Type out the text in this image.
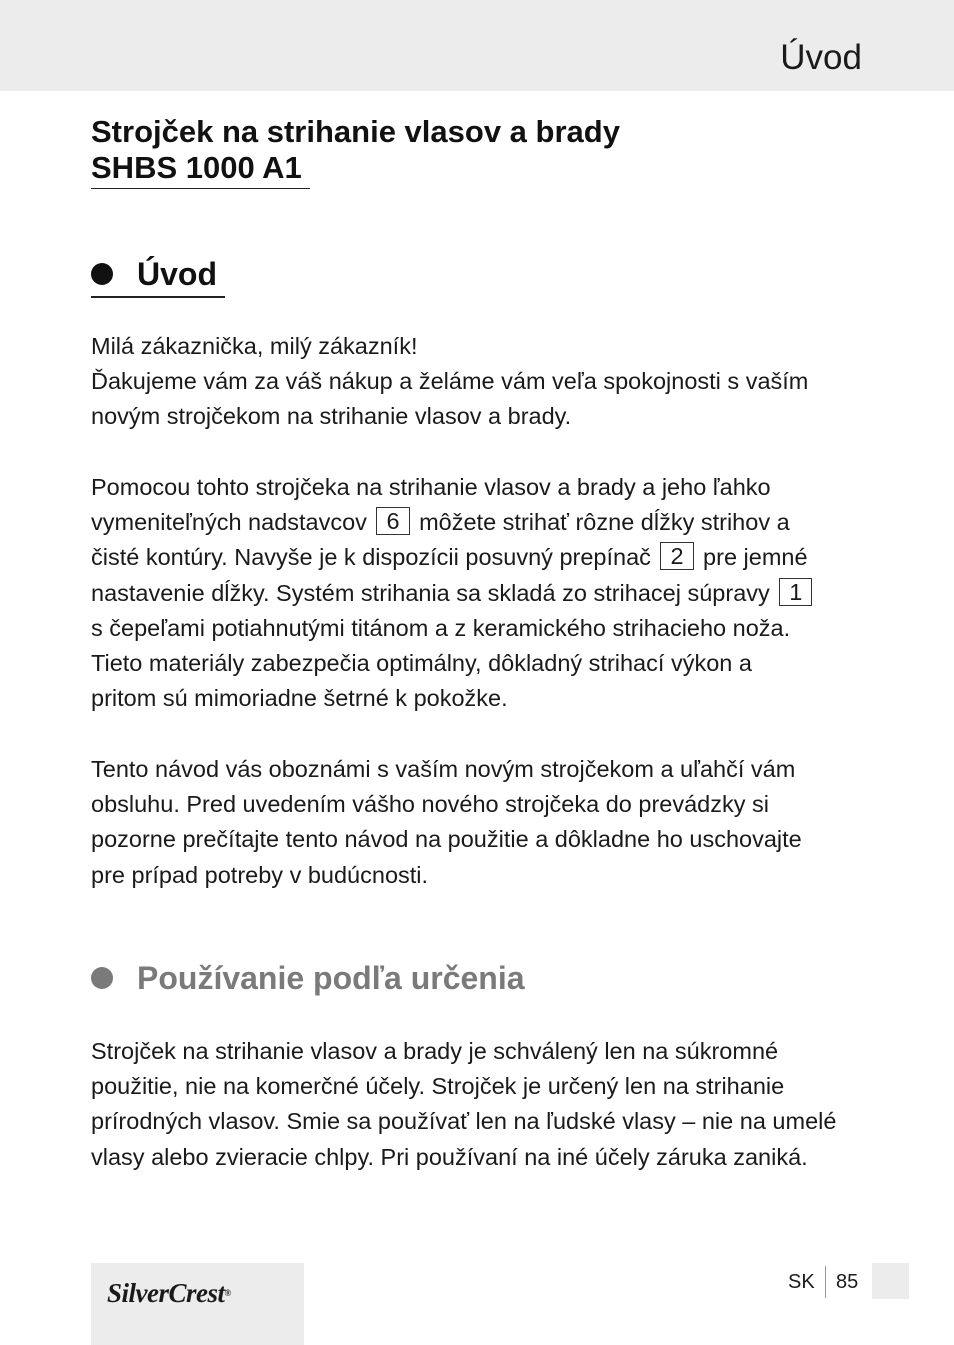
Úvod
Strojček na strihanie vlasov a brady
SHBS 1000 A1
Úvod

Milá zákaznička, milý zákazník!
Ďakujeme vám za váš nákup a želáme vám veľa spokojnosti s vaším
novým strojčekom na strihanie vlasov a brady.

Pomocou tohto strojčeka na strihanie vlasov a brady a jeho ľahko
vymeniteľných nadstavcov 6 môžete strihať rôzne dĺžky strihov a
čisté kontúry. Navyše je k dispozícii posuvný prepínač 2 pre jemné
nastavenie dĺžky. Systém strihania sa skladá zo strihacej súpravy 1
s čepeľami potiahnutými titánom a z keramického strihacieho noža.
Tieto materiály zabezpečia optimálny, dôkladný strihací výkon a
pritom sú mimoriadne šetrné k pokožke.

Tento návod vás oboznámi s vaším novým strojčekom a uľahčí vám
obsluhu. Pred uvedením vášho nového strojčeka do prevádzky si
pozorne prečítajte tento návod na použitie a dôkladne ho uschovajte
pre prípad potreby v budúcnosti.

Používanie podľa určenia

Strojček na strihanie vlasov a brady je schválený len na súkromné
použitie, nie na komerčné účely. Strojček je určený len na strihanie
prírodných vlasov. Smie sa používať len na ľudské vlasy – nie na umelé
vlasy alebo zvieracie chlpy. Pri používaní na iné účely záruka zaniká.

SilverCrest®	SK 85
